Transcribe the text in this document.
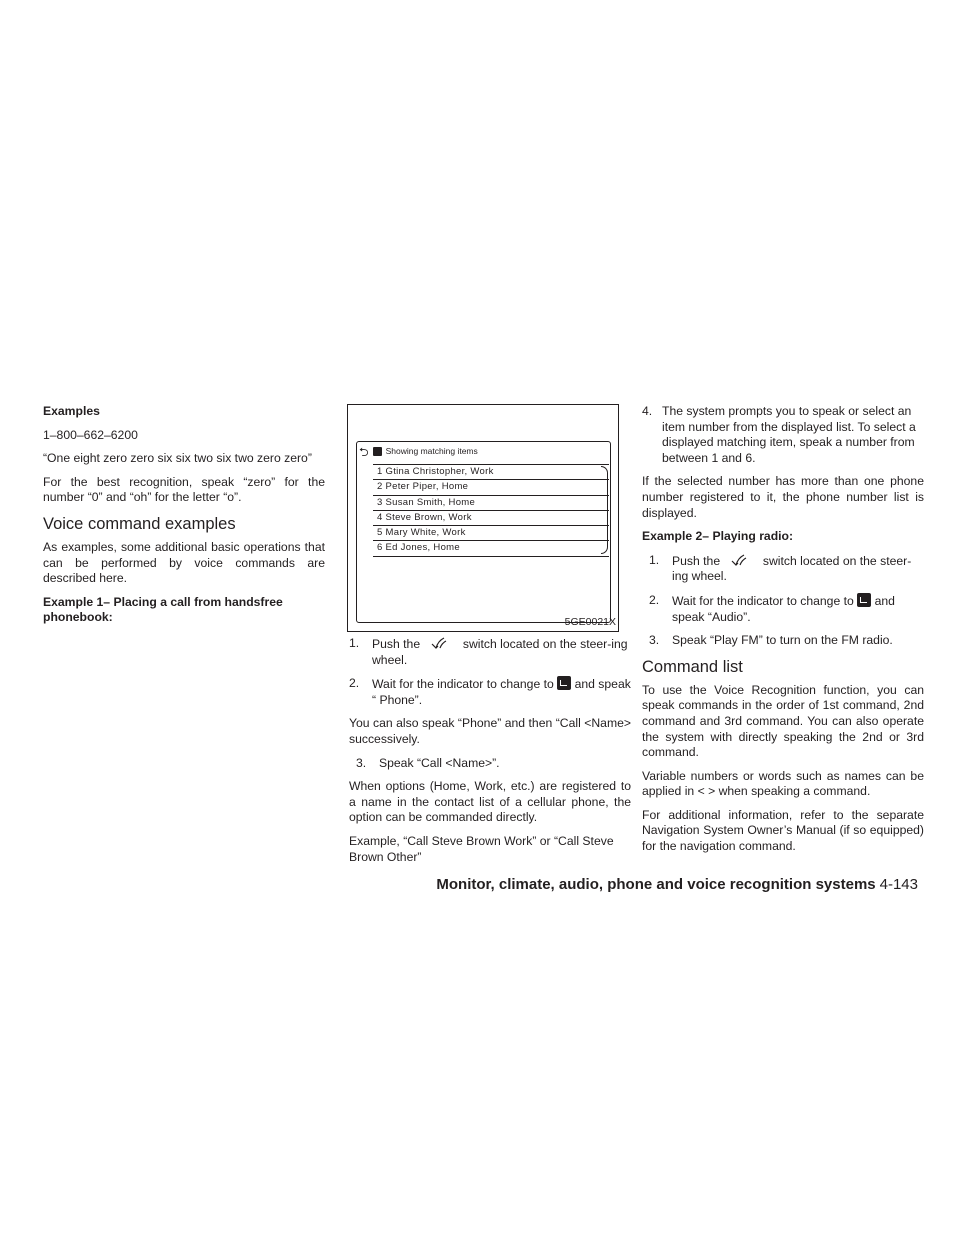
Examples

1–800–662–6200

“One eight zero zero six six two six two zero zero”

For the best recognition, speak “zero” for the number “0” and “oh” for the letter “o”.

Voice command examples

As examples, some additional basic operations that can be performed by voice commands are described here.

Example 1– Placing a call from handsfree phonebook:

⮌ Showing matching items
1 Gtina Christopher, Work
2 Peter Piper, Home
3 Susan Smith, Home
4 Steve Brown, Work
5 Mary White, Work
6 Ed Jones, Home
5GE0021X
1. Push the	switch located on the steer-ing wheel.
2. Wait for the indicator to change to and speak “ Phone”.

You can also speak “Phone” and then “Call <Name> successively.

3. Speak “Call <Name>”.

When options (Home, Work, etc.) are registered to a name in the contact list of a cellular phone, the option can be commanded directly.

Example, “Call Steve Brown Work” or “Call Steve Brown Other”

4. The system prompts you to speak or select an item number from the displayed list. To select a displayed matching item, speak a number from between 1 and 6.

If the selected number has more than one phone number registered to it, the phone number list is displayed.

Example 2– Playing radio:

1. Push the	switch located on the steer-ing wheel.
2. Wait for the indicator to change to and speak “Audio”.
3. Speak “Play FM” to turn on the FM radio.
Command list

To use the Voice Recognition function, you can speak commands in the order of 1st command, 2nd command and 3rd command. You can also operate the system with directly speaking the 2nd or 3rd command.

Variable numbers or words such as names can be applied in < > when speaking a command.

For additional information, refer to the separate Navigation System Owner’s Manual (if so equipped) for the navigation command.

Monitor, climate, audio, phone and voice recognition systems 4-143
